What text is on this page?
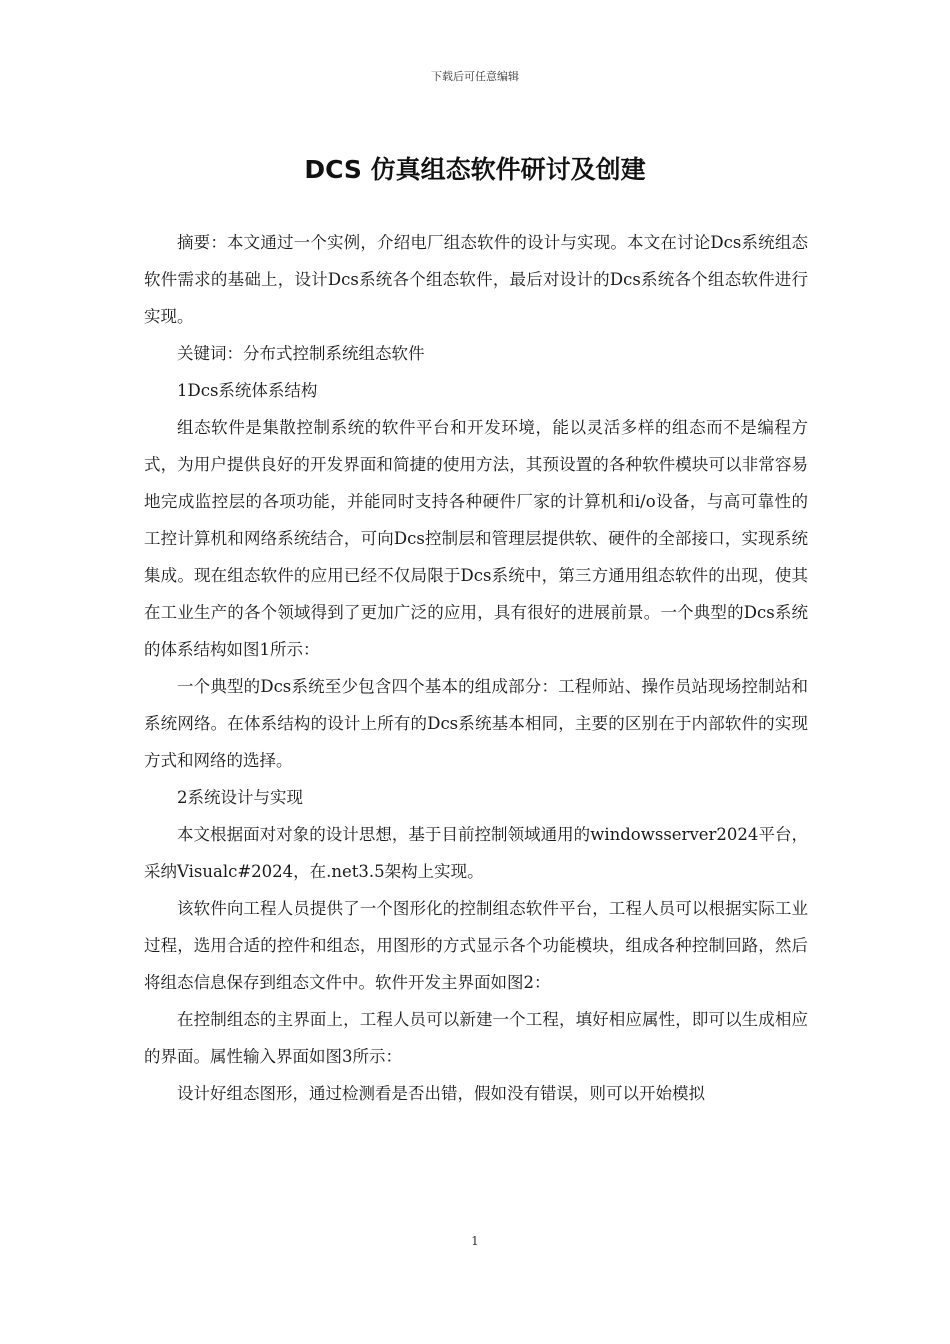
下载后可任意编辑
DCS 仿真组态软件研讨及创建

摘要：本文通过一个实例，介绍电厂组态软件的设计与实现。本文在讨论Dcs系统组态软件需求的基础上，设计Dcs系统各个组态软件，最后对设计的Dcs系统各个组态软件进行实现。

关键词：分布式控制系统组态软件

1Dcs系统体系结构

组态软件是集散控制系统的软件平台和开发环境，能以灵活多样的组态而不是编程方式，为用户提供良好的开发界面和简捷的使用方法，其预设置的各种软件模块可以非常容易地完成监控层的各项功能，并能同时支持各种硬件厂家的计算机和i/o设备，与高可靠性的工控计算机和网络系统结合，可向Dcs控制层和管理层提供软、硬件的全部接口，实现系统集成。现在组态软件的应用已经不仅局限于Dcs系统中，第三方通用组态软件的出现，使其在工业生产的各个领域得到了更加广泛的应用，具有很好的进展前景。一个典型的Dcs系统的体系结构如图1所示：

一个典型的Dcs系统至少包含四个基本的组成部分：工程师站、操作员站现场控制站和系统网络。在体系结构的设计上所有的Dcs系统基本相同，主要的区别在于内部软件的实现方式和网络的选择。

2系统设计与实现

本文根据面对对象的设计思想，基于目前控制领域通用的windowsserver2024平台，采纳Visualc#2024，在.net3.5架构上实现。

该软件向工程人员提供了一个图形化的控制组态软件平台，工程人员可以根据实际工业过程，选用合适的控件和组态，用图形的方式显示各个功能模块，组成各种控制回路，然后将组态信息保存到组态文件中。软件开发主界面如图2：

在控制组态的主界面上，工程人员可以新建一个工程，填好相应属性，即可以生成相应的界面。属性输入界面如图3所示：

设计好组态图形，通过检测看是否出错，假如没有错误，则可以开始模拟

1
